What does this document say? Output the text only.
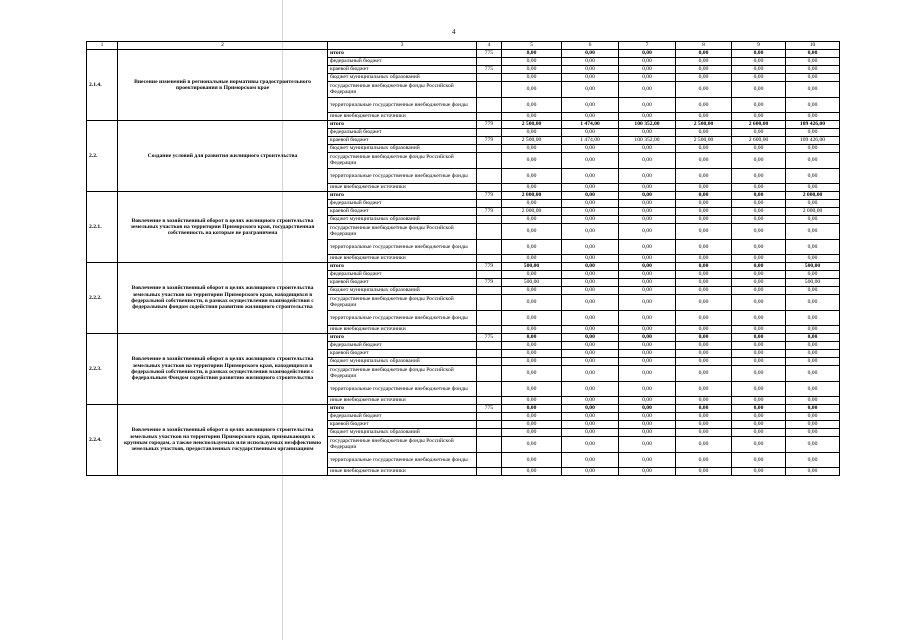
4
1	2	3	4	5	6	7	8	9	10
2.1.4.	Внесение изменений в региональные нормативы градостроительного проектирования в Приморском крае	итого	775	0,00	0,00	0,00	0,00	0,00	0,00
		федеральный бюджет		0,00	0,00	0,00	0,00	0,00	0,00
		краевой бюджет	775	0,00	0,00	0,00	0,00	0,00	0,00
		бюджет муниципальных образований		0,00	0,00	0,00	0,00	0,00	0,00
		государственные внебюджетные фонды Российской Федерации		0,00	0,00	0,00	0,00	0,00	0,00
		территориальные государственные внебюджетные фонды		0,00	0,00	0,00	0,00	0,00	0,00
		иные внебюджетные источники		0,00	0,00	0,00	0,00	0,00	0,00
2.2.	Создание условий для развития жилищного строительства	итого	779	2 500,00	1 474,00	100 352,00	2 500,00	2 600,00	109 426,00
		федеральный бюджет		0,00	0,00	0,00	0,00	0,00	0,00
		краевой бюджет	779	2 500,00	1 474,00	100 352,00	2 500,00	2 600,00	109 426,00
		бюджет муниципальных образований		0,00	0,00	0,00	0,00	0,00	0,00
		государственные внебюджетные фонды Российской Федерации		0,00	0,00	0,00	0,00	0,00	0,00
		территориальные государственные внебюджетные фонды		0,00	0,00	0,00	0,00	0,00	0,00
		иные внебюджетные источники		0,00	0,00	0,00	0,00	0,00	0,00
2.2.1.	Вовлечение в хозяйственный оборот в целях жилищного строительства земельных участков на территории Приморского края, государственная собственность на которые не разграничена	итого	779	2 000,00	0,00	0,00	0,00	0,00	2 000,00
		федеральный бюджет		0,00	0,00	0,00	0,00	0,00	0,00
		краевой бюджет	779	2 000,00	0,00	0,00	0,00	0,00	2 000,00
		бюджет муниципальных образований		0,00	0,00	0,00	0,00	0,00	0,00
		государственные внебюджетные фонды Российской Федерации		0,00	0,00	0,00	0,00	0,00	0,00
		территориальные государственные внебюджетные фонды		0,00	0,00	0,00	0,00	0,00	0,00
		иные внебюджетные источники		0,00	0,00	0,00	0,00	0,00	0,00
2.2.2.	Вовлечение в хозяйственный оборот в целях жилищного строительства земельных участков на территории Приморского края, находящихся в федеральной собственности, в рамках осуществления взаимодействия с федеральным фондом содействия развитию жилищного строительства	итого	779	500,00	0,00	0,00	0,00	0,00	500,00
		федеральный бюджет		0,00	0,00	0,00	0,00	0,00	0,00
		краевой бюджет	779	500,00	0,00	0,00	0,00	0,00	500,00
		бюджет муниципальных образований		0,00	0,00	0,00	0,00	0,00	0,00
		государственные внебюджетные фонды Российской Федерации		0,00	0,00	0,00	0,00	0,00	0,00
		территориальные государственные внебюджетные фонды		0,00	0,00	0,00	0,00	0,00	0,00
		иные внебюджетные источники		0,00	0,00	0,00	0,00	0,00	0,00
2.2.3.	Вовлечение в хозяйственный оборот в целях жилищного строительства земельных участков на территории Приморского края, находящихся в федеральной собственности, в рамках осуществления взаимодействия с федеральным Фондом содействия развитию жилищного строительства	итого	775	0,00	0,00	0,00	0,00	0,00	0,00
		федеральный бюджет		0,00	0,00	0,00	0,00	0,00	0,00
		краевой бюджет		0,00	0,00	0,00	0,00	0,00	0,00
		бюджет муниципальных образований		0,00	0,00	0,00	0,00	0,00	0,00
		государственные внебюджетные фонды Российской Федерации		0,00	0,00	0,00	0,00	0,00	0,00
		территориальные государственные внебюджетные фонды		0,00	0,00	0,00	0,00	0,00	0,00
		иные внебюджетные источники		0,00	0,00	0,00	0,00	0,00	0,00
2.2.4.	Вовлечение в хозяйственный оборот в целях жилищного строительства земельных участков на территории Приморского края, примыкающих к крупным городам, а также неиспользуемых или используемых неэффективно земельных участков, предоставленных государственным организациям	итого	775	0,00	0,00	0,00	0,00	0,00	0,00
		федеральный бюджет		0,00	0,00	0,00	0,00	0,00	0,00
		краевой бюджет		0,00	0,00	0,00	0,00	0,00	0,00
		бюджет муниципальных образований		0,00	0,00	0,00	0,00	0,00	0,00
		государственные внебюджетные фонды Российской Федерации		0,00	0,00	0,00	0,00	0,00	0,00
		территориальные государственные внебюджетные фонды		0,00	0,00	0,00	0,00	0,00	0,00
		иные внебюджетные источники		0,00	0,00	0,00	0,00	0,00	0,00
